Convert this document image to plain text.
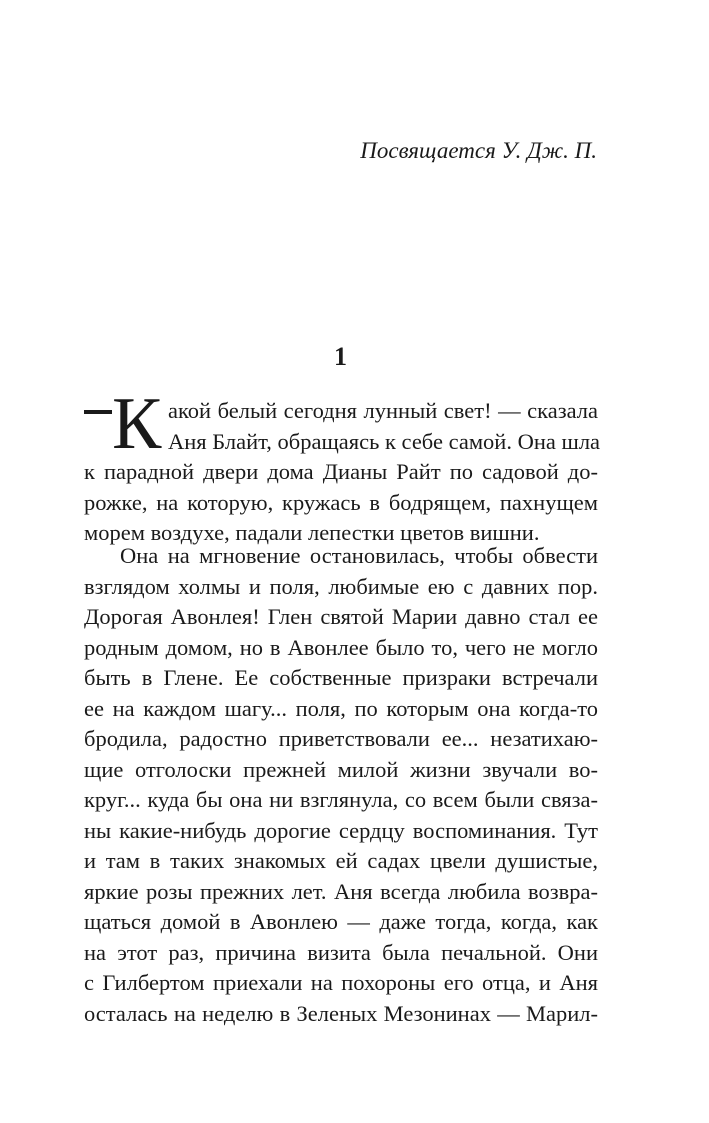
Посвящается У. Дж. П.
1
К акой белый сегодня лунный свет! — сказала
Аня Блайт, обращаясь к себе самой. Она шла
к парадной двери дома Дианы Райт по садовой до-
рожке, на которую, кружась в бодрящем, пахнущем
морем воздухе, падали лепестки цветов вишни.
Она на мгновение остановилась, чтобы обвести
взглядом холмы и поля, любимые ею с давних пор.
Дорогая Авонлея! Глен святой Марии давно стал ее
родным домом, но в Авонлее было то, чего не могло
быть в Глене. Ее собственные призраки встречали
ее на каждом шагу... поля, по которым она когда-то
бродила, радостно приветствовали ее... незатихаю-
щие отголоски прежней милой жизни звучали во-
круг... куда бы она ни взглянула, со всем были связа-
ны какие-нибудь дорогие сердцу воспоминания. Тут
и там в таких знакомых ей садах цвели душистые,
яркие розы прежних лет. Аня всегда любила возвра-
щаться домой в Авонлею — даже тогда, когда, как
на этот раз, причина визита была печальной. Они
с Гилбертом приехали на похороны его отца, и Аня
осталась на неделю в Зеленых Мезонинах — Марил-
